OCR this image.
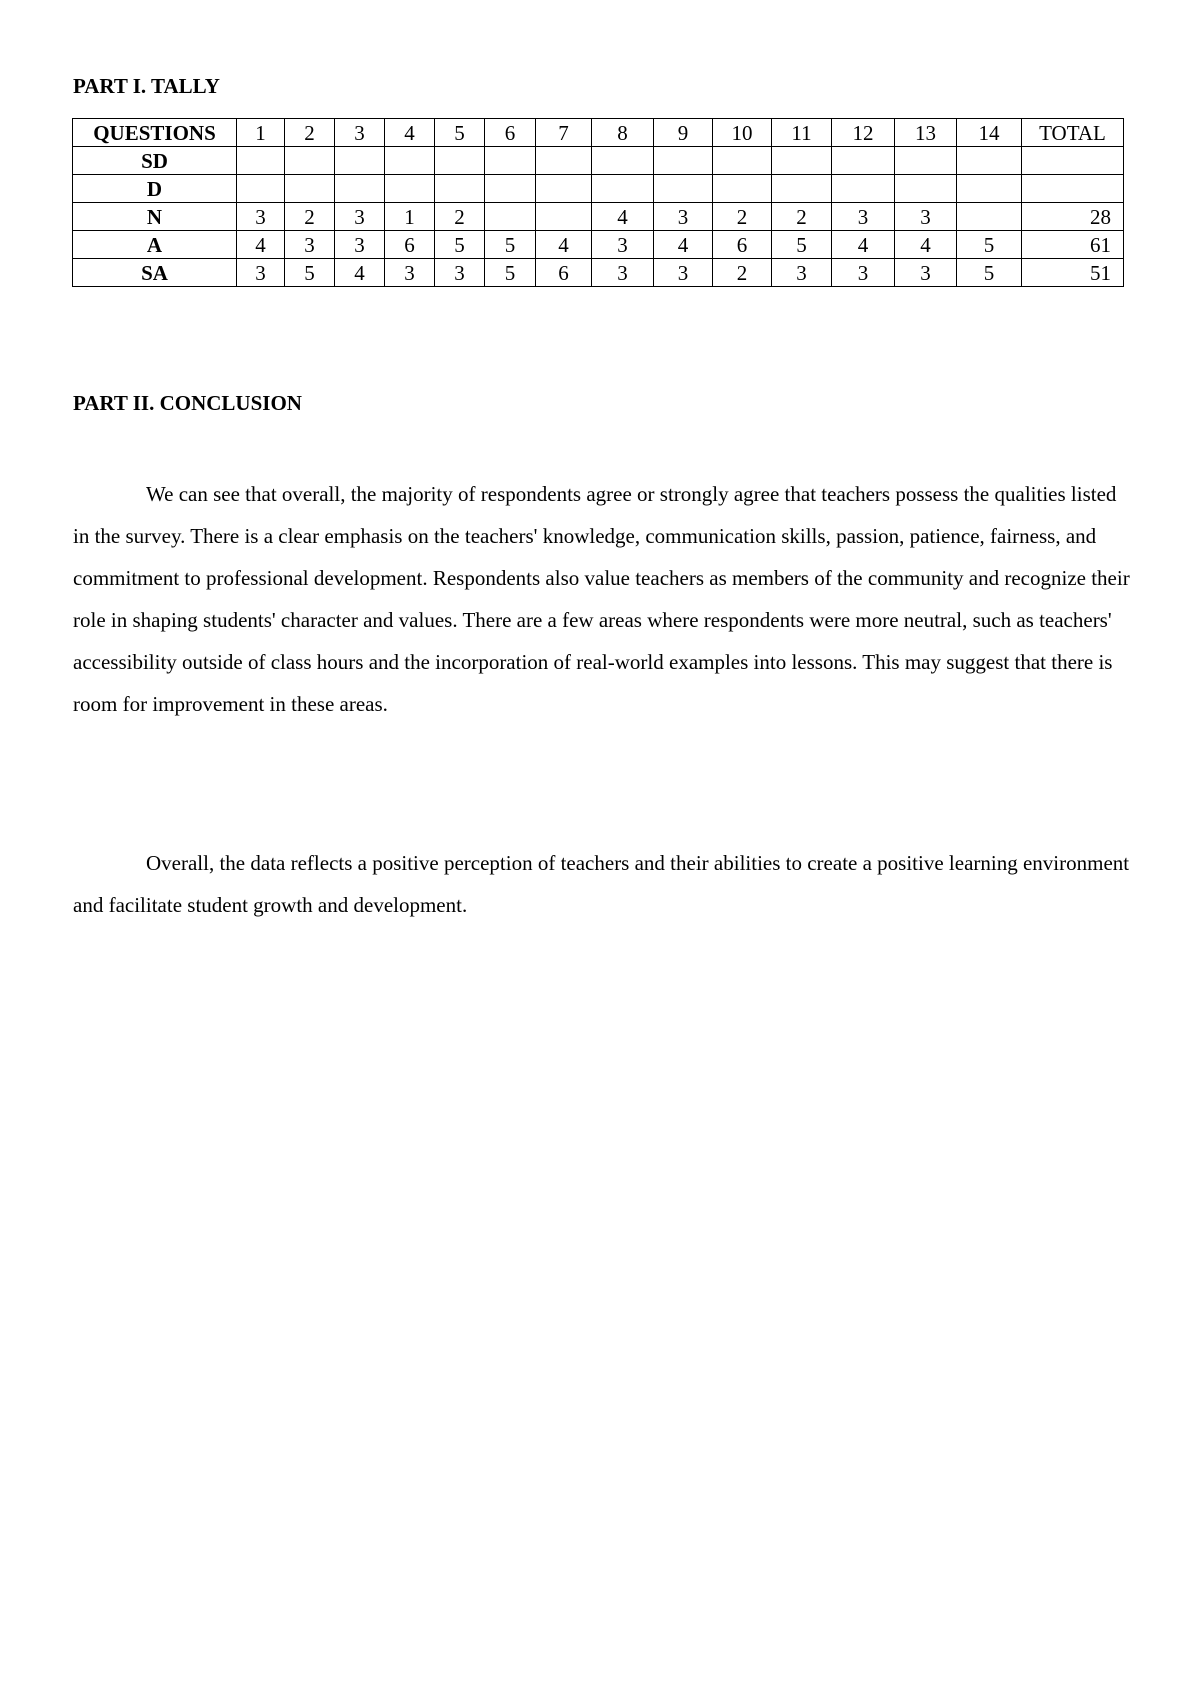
PART I. TALLY
QUESTIONS	1	2	3	4	5	6	7	8	9	10	11	12	13	14	TOTAL
SD															
D															
N	3	2	3	1	2			4	3	2	2	3	3		28
A	4	3	3	6	5	5	4	3	4	6	5	4	4	5	61
SA	3	5	4	3	3	5	6	3	3	2	3	3	3	5	51
PART II. CONCLUSION

We can see that overall, the majority of respondents agree or strongly agree that teachers possess the qualities listed in the survey. There is a clear emphasis on the teachers' knowledge, communication skills, passion, patience, fairness, and commitment to professional development. Respondents also value teachers as members of the community and recognize their role in shaping students' character and values. There are a few areas where respondents were more neutral, such as teachers' accessibility outside of class hours and the incorporation of real-world examples into lessons. This may suggest that there is room for improvement in these areas.

Overall, the data reflects a positive perception of teachers and their abilities to create a positive learning environment and facilitate student growth and development.
